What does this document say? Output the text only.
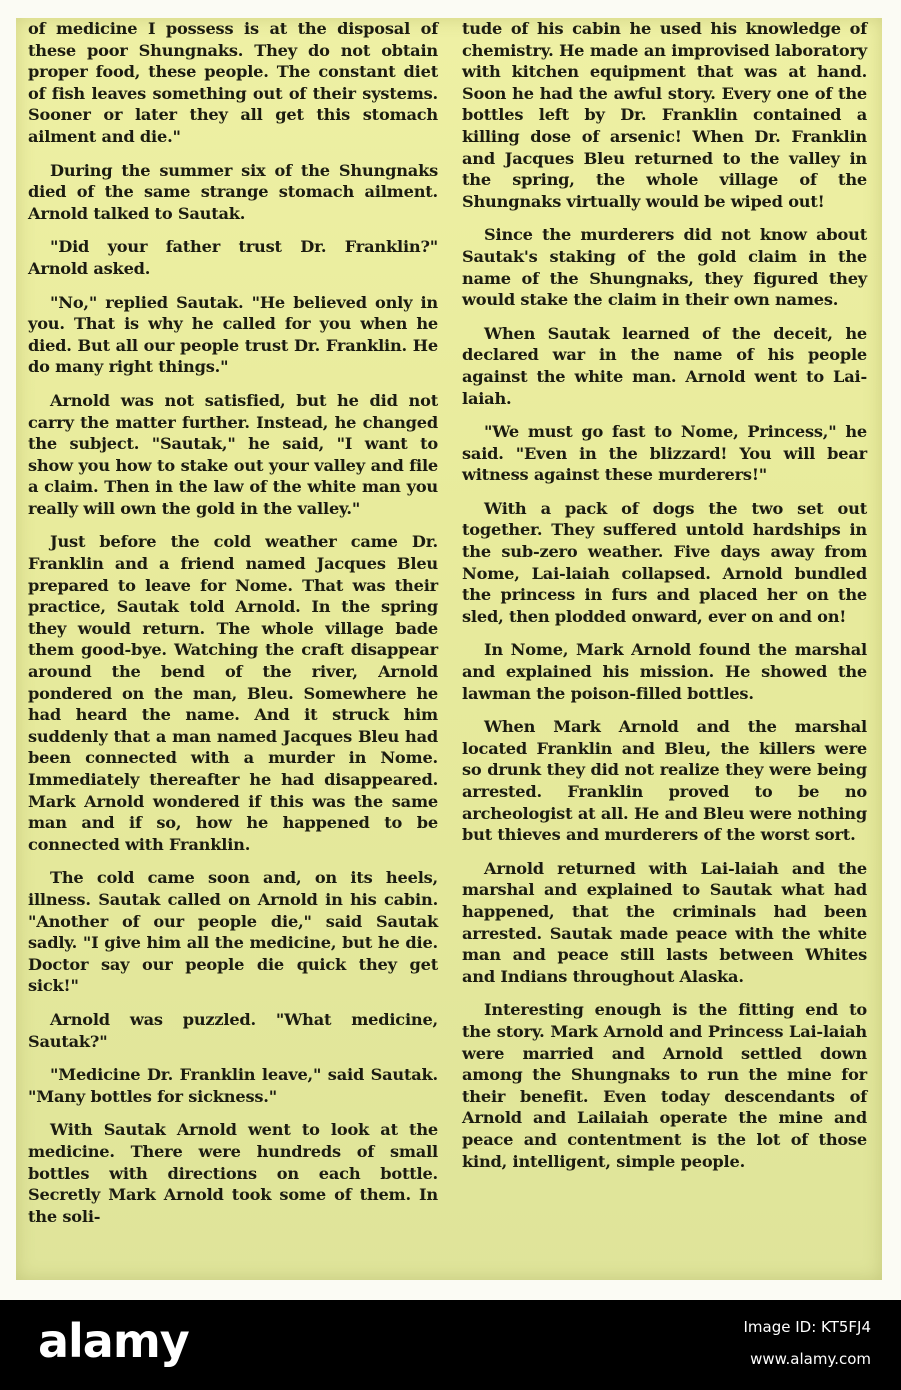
of medicine I possess is at the disposal of these poor Shungnaks. They do not obtain proper food, these people. The constant diet of fish leaves something out of their systems. Sooner or later they all get this stomach ailment and die."

During the summer six of the Shungnaks died of the same strange stomach ailment. Arnold talked to Sautak.

"Did your father trust Dr. Franklin?" Arnold asked.

"No," replied Sautak. "He believed only in you. That is why he called for you when he died. But all our people trust Dr. Franklin. He do many right things."

Arnold was not satisfied, but he did not carry the matter further. Instead, he changed the subject. "Sautak," he said, "I want to show you how to stake out your valley and file a claim. Then in the law of the white man you really will own the gold in the valley."

Just before the cold weather came Dr. Franklin and a friend named Jacques Bleu prepared to leave for Nome. That was their practice, Sautak told Arnold. In the spring they would return. The whole village bade them good-bye. Watching the craft disappear around the bend of the river, Arnold pondered on the man, Bleu. Somewhere he had heard the name. And it struck him suddenly that a man named Jacques Bleu had been connected with a murder in Nome. Immediately thereafter he had disappeared. Mark Arnold wondered if this was the same man and if so, how he happened to be connected with Franklin.

The cold came soon and, on its heels, illness. Sautak called on Arnold in his cabin. "Another of our people die," said Sautak sadly. "I give him all the medicine, but he die. Doctor say our people die quick they get sick!"

Arnold was puzzled. "What medicine, Sautak?"

"Medicine Dr. Franklin leave," said Sautak. "Many bottles for sickness."

With Sautak Arnold went to look at the medicine. There were hundreds of small bottles with directions on each bottle. Secretly Mark Arnold took some of them. In the soli-

tude of his cabin he used his knowledge of chemistry. He made an improvised laboratory with kitchen equipment that was at hand. Soon he had the awful story. Every one of the bottles left by Dr. Franklin contained a killing dose of arsenic! When Dr. Franklin and Jacques Bleu returned to the valley in the spring, the whole village of the Shungnaks virtually would be wiped out!

Since the murderers did not know about Sautak's staking of the gold claim in the name of the Shungnaks, they figured they would stake the claim in their own names.

When Sautak learned of the deceit, he declared war in the name of his people against the white man. Arnold went to Lai-laiah.

"We must go fast to Nome, Princess," he said. "Even in the blizzard! You will bear witness against these murderers!"

With a pack of dogs the two set out together. They suffered untold hardships in the sub-zero weather. Five days away from Nome, Lai-laiah collapsed. Arnold bundled the princess in furs and placed her on the sled, then plodded onward, ever on and on!

In Nome, Mark Arnold found the marshal and explained his mission. He showed the lawman the poison-filled bottles.

When Mark Arnold and the marshal located Franklin and Bleu, the killers were so drunk they did not realize they were being arrested. Franklin proved to be no archeologist at all. He and Bleu were nothing but thieves and murderers of the worst sort.

Arnold returned with Lai-laiah and the marshal and explained to Sautak what had happened, that the criminals had been arrested. Sautak made peace with the white man and peace still lasts between Whites and Indians throughout Alaska.

Interesting enough is the fitting end to the story. Mark Arnold and Princess Lai-laiah were married and Arnold settled down among the Shungnaks to run the mine for their benefit. Even today descendants of Arnold and Lailaiah operate the mine and peace and contentment is the lot of those kind, intelligent, simple people.

alamy	Image ID: KT5FJ4
www.alamy.com
